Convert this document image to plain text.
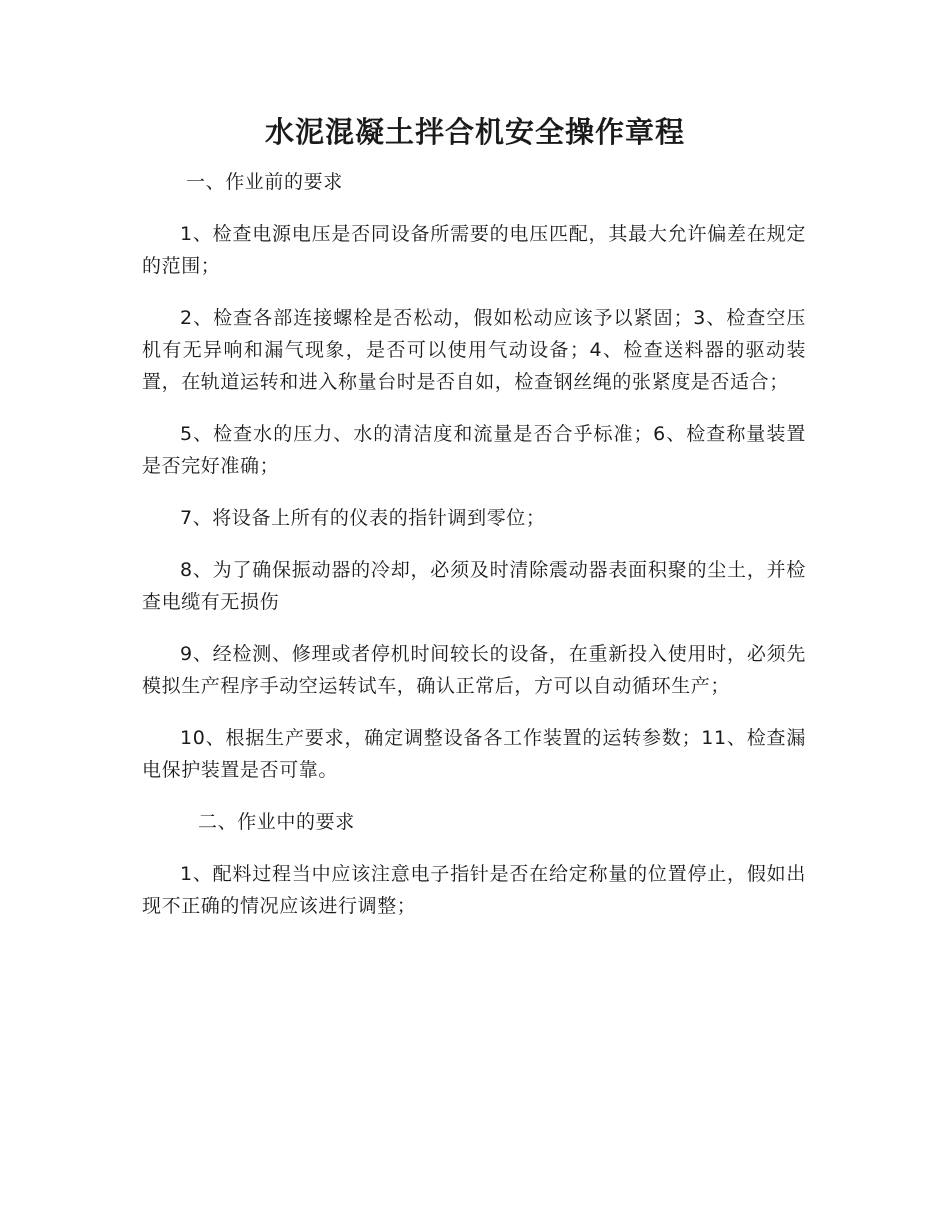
水泥混凝土拌合机安全操作章程

一、作业前的要求

1、检查电源电压是否同设备所需要的电压匹配，其最大允许偏差在规定的范围；

2、检查各部连接螺栓是否松动，假如松动应该予以紧固；3、检查空压机有无异响和漏气现象，是否可以使用气动设备；4、检查送料器的驱动装置，在轨道运转和进入称量台时是否自如，检查钢丝绳的张紧度是否适合；

5、检查水的压力、水的清洁度和流量是否合乎标准；6、检查称量装置是否完好准确；

7、将设备上所有的仪表的指针调到零位；

8、为了确保振动器的冷却，必须及时清除震动器表面积聚的尘土，并检查电缆有无损伤

9、经检测、修理或者停机时间较长的设备，在重新投入使用时，必须先模拟生产程序手动空运转试车，确认正常后，方可以自动循环生产；

10、根据生产要求，确定调整设备各工作装置的运转参数；11、检查漏电保护装置是否可靠。

二、作业中的要求

1、配料过程当中应该注意电子指针是否在给定称量的位置停止，假如出现不正确的情况应该进行调整；
